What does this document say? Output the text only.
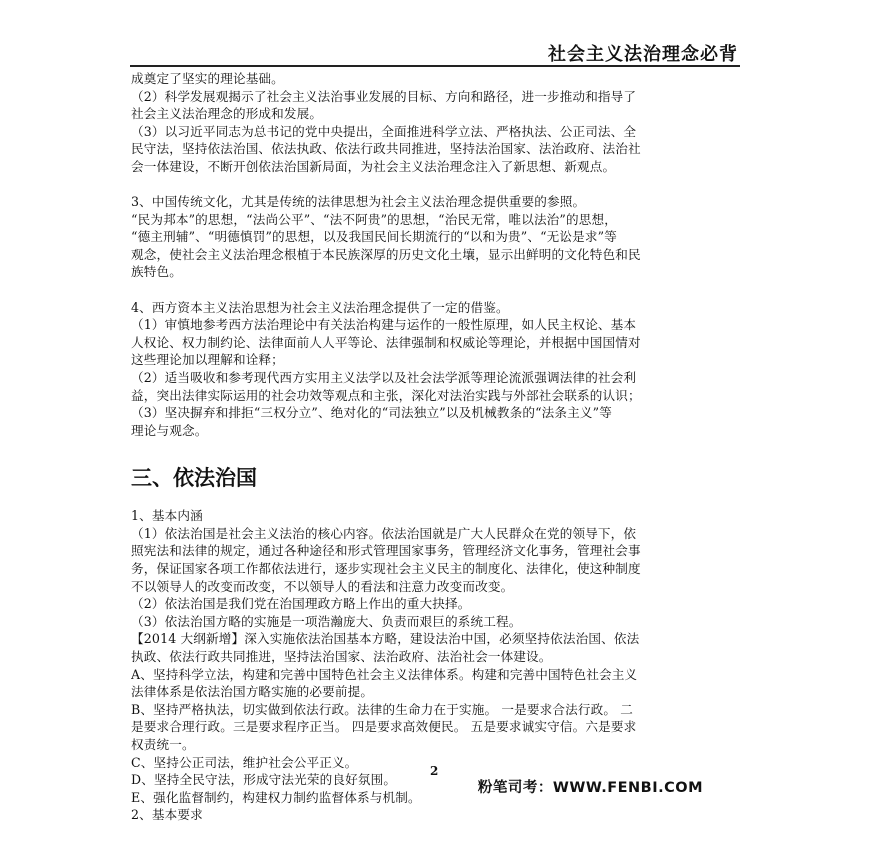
社会主义法治理念必背
成奠定了坚实的理论基础。
（2）科学发展观揭示了社会主义法治事业发展的目标、方向和路径，进一步推动和指导了
社会主义法治理念的形成和发展。
（3）以习近平同志为总书记的党中央提出，全面推进科学立法、严格执法、公正司法、全
民守法，坚持依法治国、依法执政、依法行政共同推进，坚持法治国家、法治政府、法治社
会一体建设，不断开创依法治国新局面，为社会主义法治理念注入了新思想、新观点。
3、中国传统文化，尤其是传统的法律思想为社会主义法治理念提供重要的参照。
“民为邦本”的思想，“法尚公平”、“法不阿贵”的思想，“治民无常，唯以法治”的思想，
“德主刑辅”、“明德慎罚”的思想，以及我国民间长期流行的“以和为贵”、“无讼是求”等
观念，使社会主义法治理念根植于本民族深厚的历史文化土壤，显示出鲜明的文化特色和民
族特色。
4、西方资本主义法治思想为社会主义法治理念提供了一定的借鉴。
（1）审慎地参考西方法治理论中有关法治构建与运作的一般性原理，如人民主权论、基本
人权论、权力制约论、法律面前人人平等论、法律强制和权威论等理论，并根据中国国情对
这些理论加以理解和诠释；
（2）适当吸收和参考现代西方实用主义法学以及社会法学派等理论流派强调法律的社会利
益，突出法律实际运用的社会功效等观点和主张，深化对法治实践与外部社会联系的认识；
（3）坚决摒弃和排拒“三权分立”、绝对化的“司法独立”以及机械教条的“法条主义”等
理论与观念。
三、依法治国
1、基本内涵
（1）依法治国是社会主义法治的核心内容。依法治国就是广大人民群众在党的领导下，依
照宪法和法律的规定，通过各种途径和形式管理国家事务，管理经济文化事务，管理社会事
务，保证国家各项工作都依法进行，逐步实现社会主义民主的制度化、法律化，使这种制度
不以领导人的改变而改变，不以领导人的看法和注意力改变而改变。
（2）依法治国是我们党在治国理政方略上作出的重大抉择。
（3）依法治国方略的实施是一项浩瀚庞大、负责而艰巨的系统工程。
【2014 大纲新增】深入实施依法治国基本方略，建设法治中国，必须坚持依法治国、依法
执政、依法行政共同推进，坚持法治国家、法治政府、法治社会一体建设。
A、坚持科学立法，构建和完善中国特色社会主义法律体系。构建和完善中国特色社会主义
法律体系是依法治国方略实施的必要前提。
B、坚持严格执法，切实做到依法行政。法律的生命力在于实施。 一是要求合法行政。 二
是要求合理行政。三是要求程序正当。 四是要求高效便民。 五是要求诚实守信。六是要求
权责统一。
C、坚持公正司法，维护社会公平正义。
D、坚持全民守法，形成守法光荣的良好氛围。
E、强化监督制约，构建权力制约监督体系与机制。
2、基本要求
2
粉笔司考：WWW.FENBI.COM
